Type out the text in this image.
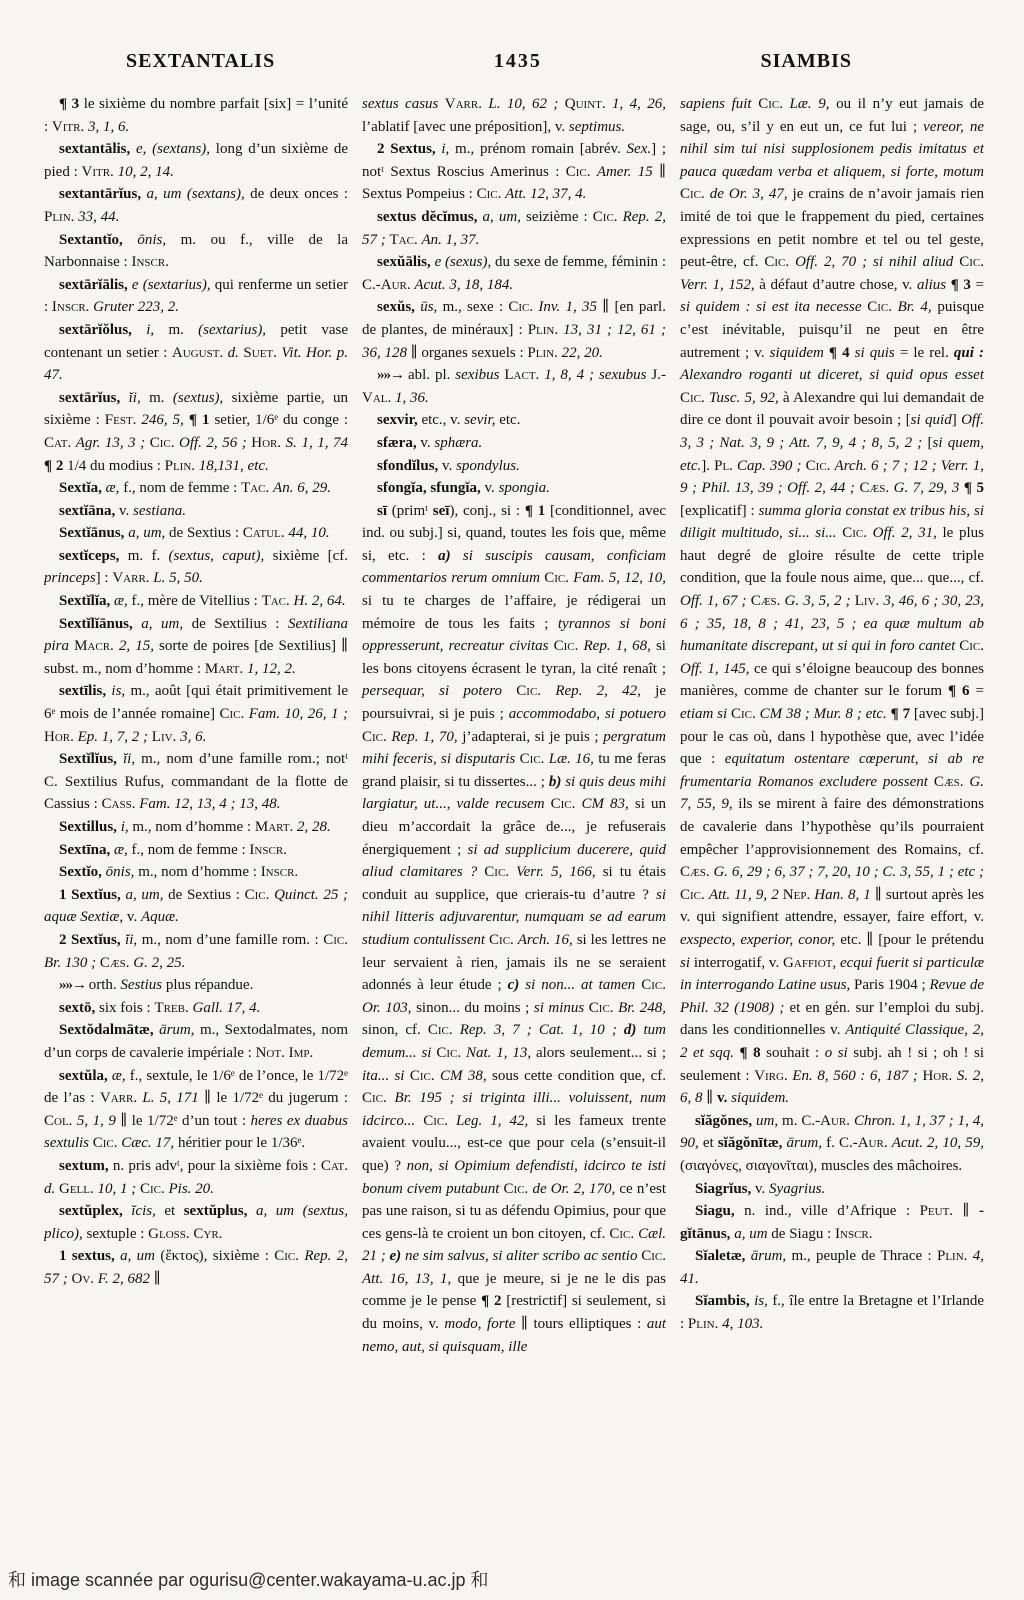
SEXTANTALIS	1435	SIAMBIS

¶ 3 le sixième du nombre parfait [six] = l’unité : Vitr. 3, 1, 6.

sextantālis, e, (sextans), long d’un sixième de pied : Vitr. 10, 2, 14.

sextantārĭus, a, um (sextans), de deux onces : Plin. 33, 44.

Sextantĭo, ōnis, m. ou f., ville de la Narbonnaise : Inscr.

sextārĭālis, e (sextarius), qui renferme un setier : Inscr. Gruter 223, 2.

sextārĭŏlus, i, m. (sextarius), petit vase contenant un setier : August. d. Suet. Vit. Hor. p. 47.

sextārĭus, ĭi, m. (sextus), sixième partie, un sixième : Fest. 246, 5, ¶ 1 setier, 1/6ᵉ du conge : Cat. Agr. 13, 3 ; Cic. Off. 2, 56 ; Hor. S. 1, 1, 74 ¶ 2 1/4 du modius : Plin. 18,131, etc.

Sextĭa, æ, f., nom de femme : Tac. An. 6, 29.

sextĭāna, v. sestiana.

Sextĭānus, a, um, de Sextius : Catul. 44, 10.

sextĭceps, m. f. (sextus, caput), sixième [cf. princeps] : Varr. L. 5, 50.

Sextĭlĭa, æ, f., mère de Vitellius : Tac. H. 2, 64.

Sextĭlĭānus, a, um, de Sextilius : Sextiliana pira Macr. 2, 15, sorte de poires [de Sextilius] ∥ subst. m., nom d’homme : Mart. 1, 12, 2.

sextīlis, is, m., août [qui était primitivement le 6ᵉ mois de l’année romaine] Cic. Fam. 10, 26, 1 ; Hor. Ep. 1, 7, 2 ; Liv. 3, 6.

Sextĭlĭus, ĭi, m., nom d’une famille rom.; notᵗ C. Sextilius Rufus, commandant de la flotte de Cassius : Cass. Fam. 12, 13, 4 ; 13, 48.

Sextillus, i, m., nom d’homme : Mart. 2, 28.

Sextīna, æ, f., nom de femme : Inscr.

Sextĭo, ōnis, m., nom d’homme : Inscr.

1 Sextĭus, a, um, de Sextius : Cic. Quinct. 25 ; aquæ Sextiæ, v. Aquæ.

2 Sextĭus, ĭi, m., nom d’une famille rom. : Cic. Br. 130 ; Cæs. G. 2, 25.

»»→ orth. Sestius plus répandue.

sextō, six fois : Treb. Gall. 17, 4.

Sextŏdalmātæ, ārum, m., Sextodalmates, nom d’un corps de cavalerie impériale : Not. Imp.

sextŭla, æ, f., sextule, le 1/6ᵉ de l’once, le 1/72ᵉ de l’as : Varr. L. 5, 171 ∥ le 1/72ᵉ du jugerum : Col. 5, 1, 9 ∥ le 1/72ᵉ d’un tout : heres ex duabus sextulis Cic. Cæc. 17, héritier pour le 1/36ᵉ.

sextum, n. pris advᵗ, pour la sixième fois : Cat. d. Gell. 10, 1 ; Cic. Pis. 20.

sextŭplex, ĭcis, et sextŭplus, a, um (sextus, plico), sextuple : Gloss. Cyr.

1 sextus, a, um (ἕκτος), sixième : Cic. Rep. 2, 57 ; Ov. F. 2, 682 ∥

sextus casus Varr. L. 10, 62 ; Quint. 1, 4, 26, l’ablatif [avec une préposition], v. septimus.

2 Sextus, i, m., prénom romain [abrév. Sex.] ; notᵗ Sextus Roscius Amerinus : Cic. Amer. 15 ∥ Sextus Pompeius : Cic. Att. 12, 37, 4.

sextus dĕcĭmus, a, um, seizième : Cic. Rep. 2, 57 ; Tac. An. 1, 37.

sexŭālis, e (sexus), du sexe de femme, féminin : C.-Aur. Acut. 3, 18, 184.

sexŭs, ūs, m., sexe : Cic. Inv. 1, 35 ∥ [en parl. de plantes, de minéraux] : Plin. 13, 31 ; 12, 61 ; 36, 128 ∥ organes sexuels : Plin. 22, 20.

»»→ abl. pl. sexibus Lact. 1, 8, 4 ; sexubus J.-Val. 1, 36.

sexvir, etc., v. sevir, etc.

sfæra, v. sphæra.

sfondĭlus, v. spondylus.

sfongĭa, sfungĭa, v. spongia.

sī (primᵗ seī), conj., si : ¶ 1 [conditionnel, avec ind. ou subj.] si, quand, toutes les fois que, même si, etc. : a) si suscipis causam, conficiam commentarios rerum omnium Cic. Fam. 5, 12, 10, si tu te charges de l’affaire, je rédigerai un mémoire de tous les faits ; tyrannos si boni oppresserunt, recreatur civitas Cic. Rep. 1, 68, si les bons citoyens écrasent le tyran, la cité renaît ; persequar, si potero Cic. Rep. 2, 42, je poursuivrai, si je puis ; accommodabo, si potuero Cic. Rep. 1, 70, j’adapterai, si je puis ; pergratum mihi feceris, si disputaris Cic. Læ. 16, tu me feras grand plaisir, si tu dissertes... ; b) si quis deus mihi largiatur, ut..., valde recusem Cic. CM 83, si un dieu m’accordait la grâce de..., je refuserais énergiquement ; si ad supplicium ducerere, quid aliud clamitares ? Cic. Verr. 5, 166, si tu étais conduit au supplice, que crierais-tu d’autre ? si nihil litteris adjuvarentur, numquam se ad earum studium contulissent Cic. Arch. 16, si les lettres ne leur servaient à rien, jamais ils ne se seraient adonnés à leur étude ; c) si non... at tamen Cic. Or. 103, sinon... du moins ; si minus Cic. Br. 248, sinon, cf. Cic. Rep. 3, 7 ; Cat. 1, 10 ; d) tum demum... si Cic. Nat. 1, 13, alors seulement... si ; ita... si Cic. CM 38, sous cette condition que, cf. Cic. Br. 195 ; si triginta illi... voluissent, num idcirco... Cic. Leg. 1, 42, si les fameux trente avaient voulu..., est-ce que pour cela (s’ensuit-il que) ? non, si Opimium defendisti, idcirco te isti bonum civem putabunt Cic. de Or. 2, 170, ce n’est pas une raison, si tu as défendu Opimius, pour que ces gens-là te croient un bon citoyen, cf. Cic. Cæl. 21 ; e) ne sim salvus, si aliter scribo ac sentio Cic. Att. 16, 13, 1, que je meure, si je ne le dis pas comme je le pense ¶ 2 [restrictif] si seulement, si du moins, v. modo, forte ∥ tours elliptiques : aut nemo, aut, si quisquam, ille

sapiens fuit Cic. Læ. 9, ou il n’y eut jamais de sage, ou, s’il y en eut un, ce fut lui ; vereor, ne nihil sim tui nisi supplosionem pedis imitatus et pauca quædam verba et aliquem, si forte, motum Cic. de Or. 3, 47, je crains de n’avoir jamais rien imité de toi que le frappement du pied, certaines expressions en petit nombre et tel ou tel geste, peut-être, cf. Cic. Off. 2, 70 ; si nihil aliud Cic. Verr. 1, 152, à défaut d’autre chose, v. alius ¶ 3 = si quidem : si est ita necesse Cic. Br. 4, puisque c’est inévitable, puisqu’il ne peut en être autrement ; v. siquidem ¶ 4 si quis = le rel. qui : Alexandro roganti ut diceret, si quid opus esset Cic. Tusc. 5, 92, à Alexandre qui lui demandait de dire ce dont il pouvait avoir besoin ; [si quid] Off. 3, 3 ; Nat. 3, 9 ; Att. 7, 9, 4 ; 8, 5, 2 ; [si quem, etc.]. Pl. Cap. 390 ; Cic. Arch. 6 ; 7 ; 12 ; Verr. 1, 9 ; Phil. 13, 39 ; Off. 2, 44 ; Cæs. G. 7, 29, 3 ¶ 5 [explicatif] : summa gloria constat ex tribus his, si diligit multitudo, si... si... Cic. Off. 2, 31, le plus haut degré de gloire résulte de cette triple condition, que la foule nous aime, que... que..., cf. Off. 1, 67 ; Cæs. G. 3, 5, 2 ; Liv. 3, 46, 6 ; 30, 23, 6 ; 35, 18, 8 ; 41, 23, 5 ; ea quæ multum ab humanitate discrepant, ut si qui in foro cantet Cic. Off. 1, 145, ce qui s’éloigne beaucoup des bonnes manières, comme de chanter sur le forum ¶ 6 = etiam si Cic. CM 38 ; Mur. 8 ; etc. ¶ 7 [avec subj.] pour le cas où, dans l hypothèse que, avec l’idée que : equitatum ostentare cœperunt, si ab re frumentaria Romanos excludere possent Cæs. G. 7, 55, 9, ils se mirent à faire des démonstrations de cavalerie dans l’hypothèse qu’ils pourraient empêcher l’approvisionnement des Romains, cf. Cæs. G. 6, 29 ; 6, 37 ; 7, 20, 10 ; C. 3, 55, 1 ; etc ; Cic. Att. 11, 9, 2 Nep. Han. 8, 1 ∥ surtout après les v. qui signifient attendre, essayer, faire effort, v. exspecto, experior, conor, etc. ∥ [pour le prétendu si interrogatif, v. Gaffiot, ecqui fuerit si particulæ in interrogando Latine usus, Paris 1904 ; Revue de Phil. 32 (1908) ; et en gén. sur l’emploi du subj. dans les conditionnelles v. Antiquité Classique, 2, 2 et sqq. ¶ 8 souhait : o si subj. ah ! si ; oh ! si seulement : Virg. En. 8, 560 : 6, 187 ; Hor. S. 2, 6, 8 ∥ v. siquidem.

sĭăgŏnes, um, m. C.-Aur. Chron. 1, 1, 37 ; 1, 4, 90, et sĭăgŏnītæ, ārum, f. C.-Aur. Acut. 2, 10, 59, (σιαγόνες, σιαγονῖται), muscles des mâchoires.

Siagrĭus, v. Syagrius.

Siagu, n. ind., ville d’Afrique : Peut. ∥ -gĭtānus, a, um de Siagu : Inscr.

Sĭaletæ, ārum, m., peuple de Thrace : Plin. 4, 41.

Sĭambis, is, f., île entre la Bretagne et l’Irlande : Plin. 4, 103.

和 image scannée par ogurisu@center.wakayama-u.ac.jp 和
